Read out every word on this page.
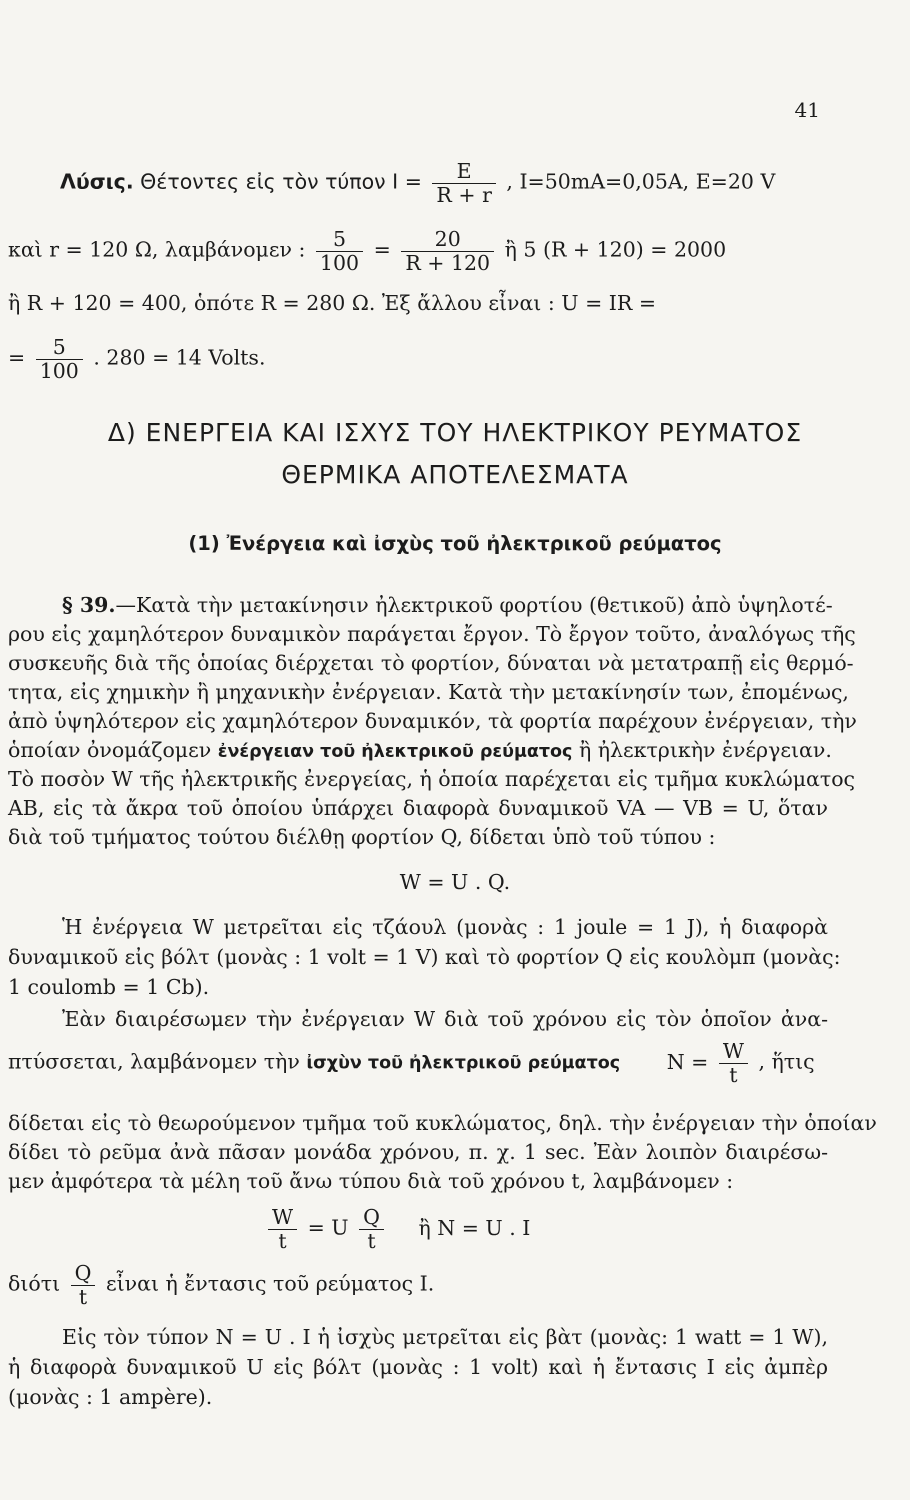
41
Λύσις. Θέτοντες εἰς τὸν τύπον $I = \frac{E}{R + r}$ , I=50mA=0,05A, E=20 V
καὶ r = 120 Ω, λαμβάνομεν : $\frac{5}{100} = \frac{20}{R + 120}$ ἢ 5 (R + 120) = 2000
ἢ R + 120 = 400, ὁπότε R = 280 Ω. Ἐξ ἄλλου εἶναι : U = IR =
= $\frac{5}{100}$ . 280 = 14 Volts.
Δ) ΕΝΕΡΓΕΙΑ ΚΑΙ ΙΣΧΥΣ ΤΟΥ ΗΛΕΚΤΡΙΚΟΥ ΡΕΥΜΑΤΟΣ
ΘΕΡΜΙΚΑ ΑΠΟΤΕΛΕΣΜΑΤΑ
(1) Ἐνέργεια καὶ ἰσχὺς τοῦ ἠλεκτρικοῦ ρεύματος
§ 39.—Κατὰ τὴν μετακίνησιν ἠλεκτρικοῦ φορτίου (θετικοῦ) ἀπὸ ὑψηλοτέ-
ρου εἰς χαμηλότερον δυναμικὸν παράγεται ἔργον. Τὸ ἔργον τοῦτο, ἀναλόγως τῆς
συσκευῆς διὰ τῆς ὁποίας διέρχεται τὸ φορτίον, δύναται νὰ μετατραπῇ εἰς θερμό-
τητα, εἰς χημικὴν ἢ μηχανικὴν ἐνέργειαν. Κατὰ τὴν μετακίνησίν των, ἐπομένως,
ἀπὸ ὑψηλότερον εἰς χαμηλότερον δυναμικόν, τὰ φορτία παρέχουν ἐνέργειαν, τὴν
ὁποίαν ὀνομάζομεν ἐνέργειαν τοῦ ἠλεκτρικοῦ ρεύματος ἢ ἠλεκτρικὴν ἐνέργειαν.
Τὸ ποσὸν W τῆς ἠλεκτρικῆς ἐνεργείας, ἡ ὁποία παρέχεται εἰς τμῆμα κυκλώματος
AB, εἰς τὰ ἄκρα τοῦ ὁποίου ὑπάρχει διαφορὰ δυναμικοῦ VA — VB = U, ὅταν
διὰ τοῦ τμήματος τούτου διέλθῃ φορτίον Q, δίδεται ὑπὸ τοῦ τύπου :
W = U . Q.
Ἡ ἐνέργεια W μετρεῖται εἰς τζάουλ (μονὰς : 1 joule = 1 J), ἡ διαφορὰ
δυναμικοῦ εἰς βόλτ (μονὰς : 1 volt = 1 V) καὶ τὸ φορτίον Q εἰς κουλὸμπ (μονὰς:
1 coulomb = 1 Cb).
Ἐὰν διαιρέσωμεν τὴν ἐνέργειαν W διὰ τοῦ χρόνου εἰς τὸν ὁποῖον ἀνα-
πτύσσεται, λαμβάνομεν τὴν ἰσχὺν τοῦ ἠλεκτρικοῦ ρεύματος $N = \frac{W}{t}$ , ἥτις
δίδεται εἰς τὸ θεωρούμενον τμῆμα τοῦ κυκλώματος, δηλ. τὴν ἐνέργειαν τὴν ὁποίαν
δίδει τὸ ρεῦμα ἀνὰ πᾶσαν μονάδα χρόνου, π. χ. 1 sec. Ἐὰν λοιπὸν διαιρέσω-
μεν ἀμφότερα τὰ μέλη τοῦ ἄνω τύπου διὰ τοῦ χρόνου t, λαμβάνομεν :
$\frac{W}{t} = U \frac{Q}{t}$ ἢ N = U . I
διότι $\frac{Q}{t}$ εἶναι ἡ ἔντασις τοῦ ρεύματος I.
Εἰς τὸν τύπον N = U . I ἡ ἰσχὺς μετρεῖται εἰς βὰτ (μονὰς: 1 watt = 1 W),
ἡ διαφορὰ δυναμικοῦ U εἰς βόλτ (μονὰς : 1 volt) καὶ ἡ ἔντασις I εἰς ἀμπὲρ
(μονὰς : 1 ampère).
